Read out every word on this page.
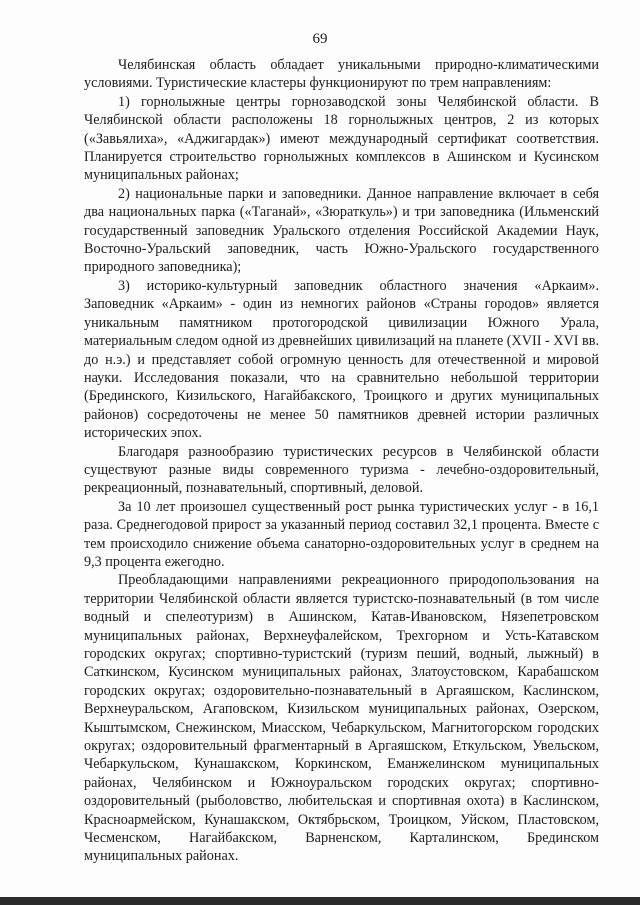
69

Челябинская область обладает уникальными природно-климатическими условиями. Туристические кластеры функционируют по трем направлениям:

1) горнолыжные центры горнозаводской зоны Челябинской области. В Челябинской области расположены 18 горнолыжных центров, 2 из которых («Завьялиха», «Аджигардак») имеют международный сертификат соответствия. Планируется строительство горнолыжных комплексов в Ашинском и Кусинском муниципальных районах;

2) национальные парки и заповедники. Данное направление включает в себя два национальных парка («Таганай», «Зюраткуль») и три заповедника (Ильменский государственный заповедник Уральского отделения Российской Академии Наук, Восточно-Уральский заповедник, часть Южно-Уральского государственного природного заповедника);

3) историко-культурный заповедник областного значения «Аркаим». Заповедник «Аркаим» - один из немногих районов «Страны городов» является уникальным памятником протогородской цивилизации Южного Урала, материальным следом одной из древнейших цивилизаций на планете (XVII - XVI вв. до н.э.) и представляет собой огромную ценность для отечественной и мировой науки. Исследования показали, что на сравнительно небольшой территории (Брединского, Кизильского, Нагайбакского, Троицкого и других муниципальных районов) сосредоточены не менее 50 памятников древней истории различных исторических эпох.

Благодаря разнообразию туристических ресурсов в Челябинской области существуют разные виды современного туризма - лечебно-оздоровительный, рекреационный, познавательный, спортивный, деловой.

За 10 лет произошел существенный рост рынка туристических услуг - в 16,1 раза. Среднегодовой прирост за указанный период составил 32,1 процента. Вместе с тем происходило снижение объема санаторно-оздоровительных услуг в среднем на 9,3 процента ежегодно.

Преобладающими направлениями рекреационного природопользования на территории Челябинской области является туристско-познавательный (в том числе водный и спелеотуризм) в Ашинском, Катав-Ивановском, Нязепетровском муниципальных районах, Верхнеуфалейском, Трехгорном и Усть-Катавском городских округах; спортивно-туристский (туризм пеший, водный, лыжный) в Саткинском, Кусинском муниципальных районах, Златоустовском, Карабашском городских округах; оздоровительно-познавательный в Аргаяшском, Каслинском, Верхнеуральском, Агаповском, Кизильском муниципальных районах, Озерском, Кыштымском, Снежинском, Миасском, Чебаркульском, Магнитогорском городских округах; оздоровительный фрагментарный в Аргаяшском, Еткульском, Увельском, Чебаркульском, Кунашакском, Коркинском, Еманжелинском муниципальных районах, Челябинском и Южноуральском городских округах; спортивно-оздоровительный (рыболовство, любительская и спортивная охота) в Каслинском, Красноармейском, Кунашакском, Октябрьском, Троицком, Уйском, Пластовском, Чесменском, Нагайбакском, Варненском, Карталинском, Брединском муниципальных районах.
